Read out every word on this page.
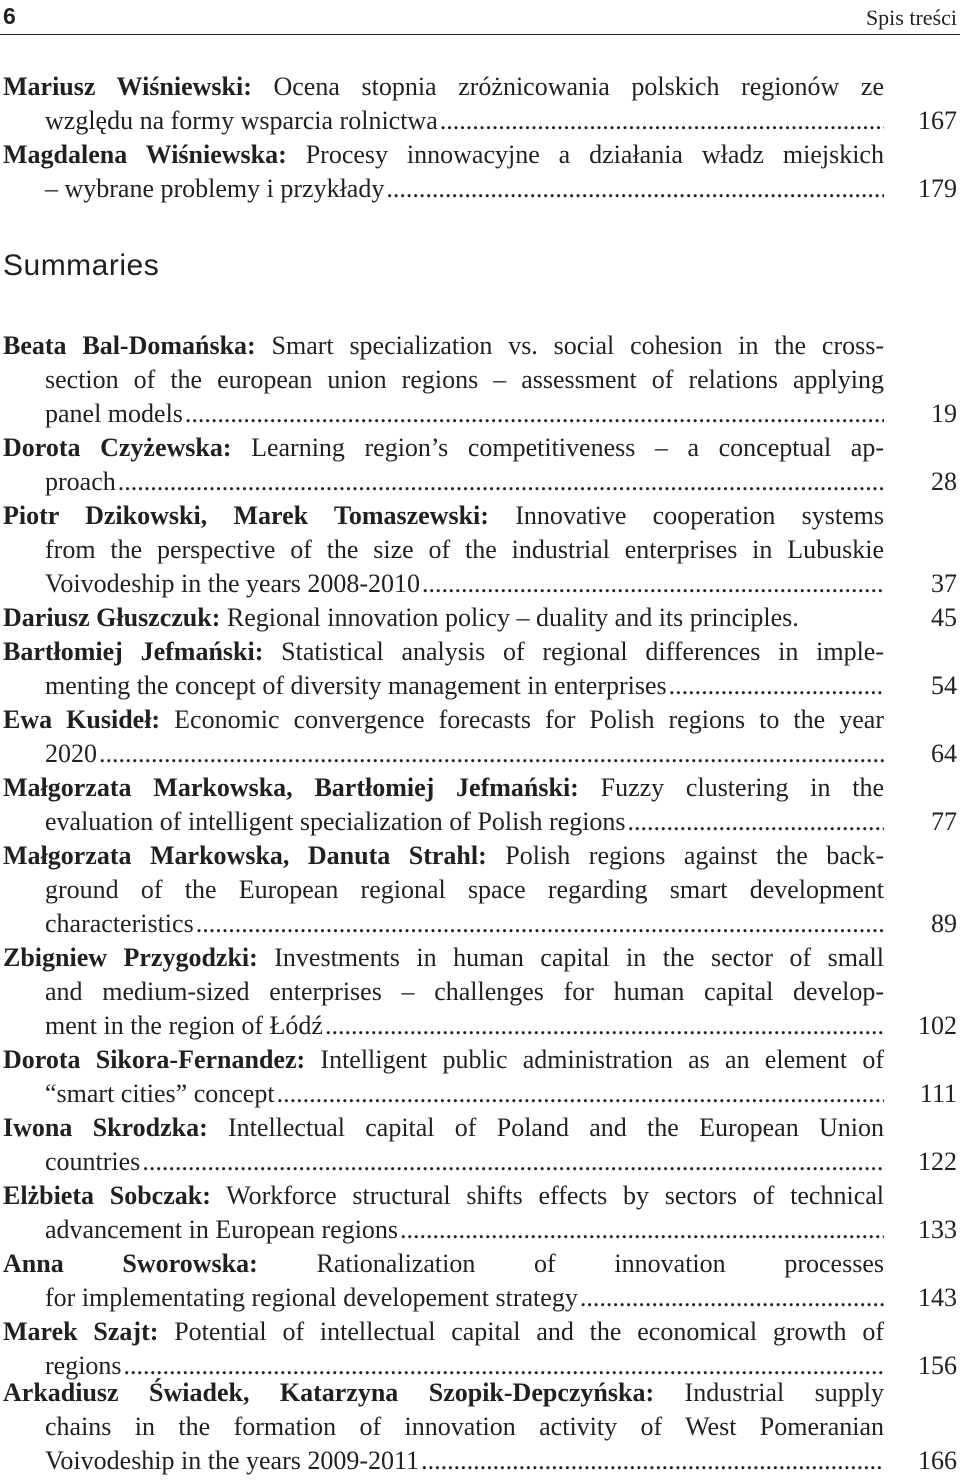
6	Spis treści
Mariusz Wiśniewski: Ocena stopnia zróżnicowania polskich regionów ze
względu na formy wsparcia rolnictwa .....	167
Magdalena Wiśniewska: Procesy innowacyjne a działania władz miejskich
– wybrane problemy i przykłady .....	179
Summaries
Beata Bal-Domańska: Smart specialization vs. social cohesion in the cross-
section of the european union regions – assessment of relations applying
panel models .....	19
Dorota Czyżewska: Learning region’s competitiveness – a conceptual ap-
proach .....	28
Piotr Dzikowski, Marek Tomaszewski: Innovative cooperation systems
from the perspective of the size of the industrial enterprises in Lubuskie
Voivodeship in the years 2008-2010 .....	37
Dariusz Głuszczuk: Regional innovation policy – duality and its principles.	45
Bartłomiej Jefmański: Statistical analysis of regional differences in imple-
menting the concept of diversity management in enterprises .....	54
Ewa Kusideł: Economic convergence forecasts for Polish regions to the year
2020 .....	64
Małgorzata Markowska, Bartłomiej Jefmański: Fuzzy clustering in the
evaluation of intelligent specialization of Polish regions .....	77
Małgorzata Markowska, Danuta Strahl: Polish regions against the back-
ground of the European regional space regarding smart development
characteristics .....	89
Zbigniew Przygodzki: Investments in human capital in the sector of small
and medium-sized enterprises – challenges for human capital develop-
ment in the region of Łódź .....	102
Dorota Sikora-Fernandez: Intelligent public administration as an element of
“smart cities” concept .....	111
Iwona Skrodzka: Intellectual capital of Poland and the European Union
countries .....	122
Elżbieta Sobczak: Workforce structural shifts effects by sectors of technical
advancement in European regions .....	133
Anna Sworowska: Rationalization of innovation processes
for implementating regional developement strategy .....	143
Marek Szajt: Potential of intellectual capital and the economical growth of
regions .....	156
Arkadiusz Świadek, Katarzyna Szopik-Depczyńska: Industrial supply
chains in the formation of innovation activity of West Pomeranian
Voivodeship in the years 2009-2011 .....	166
